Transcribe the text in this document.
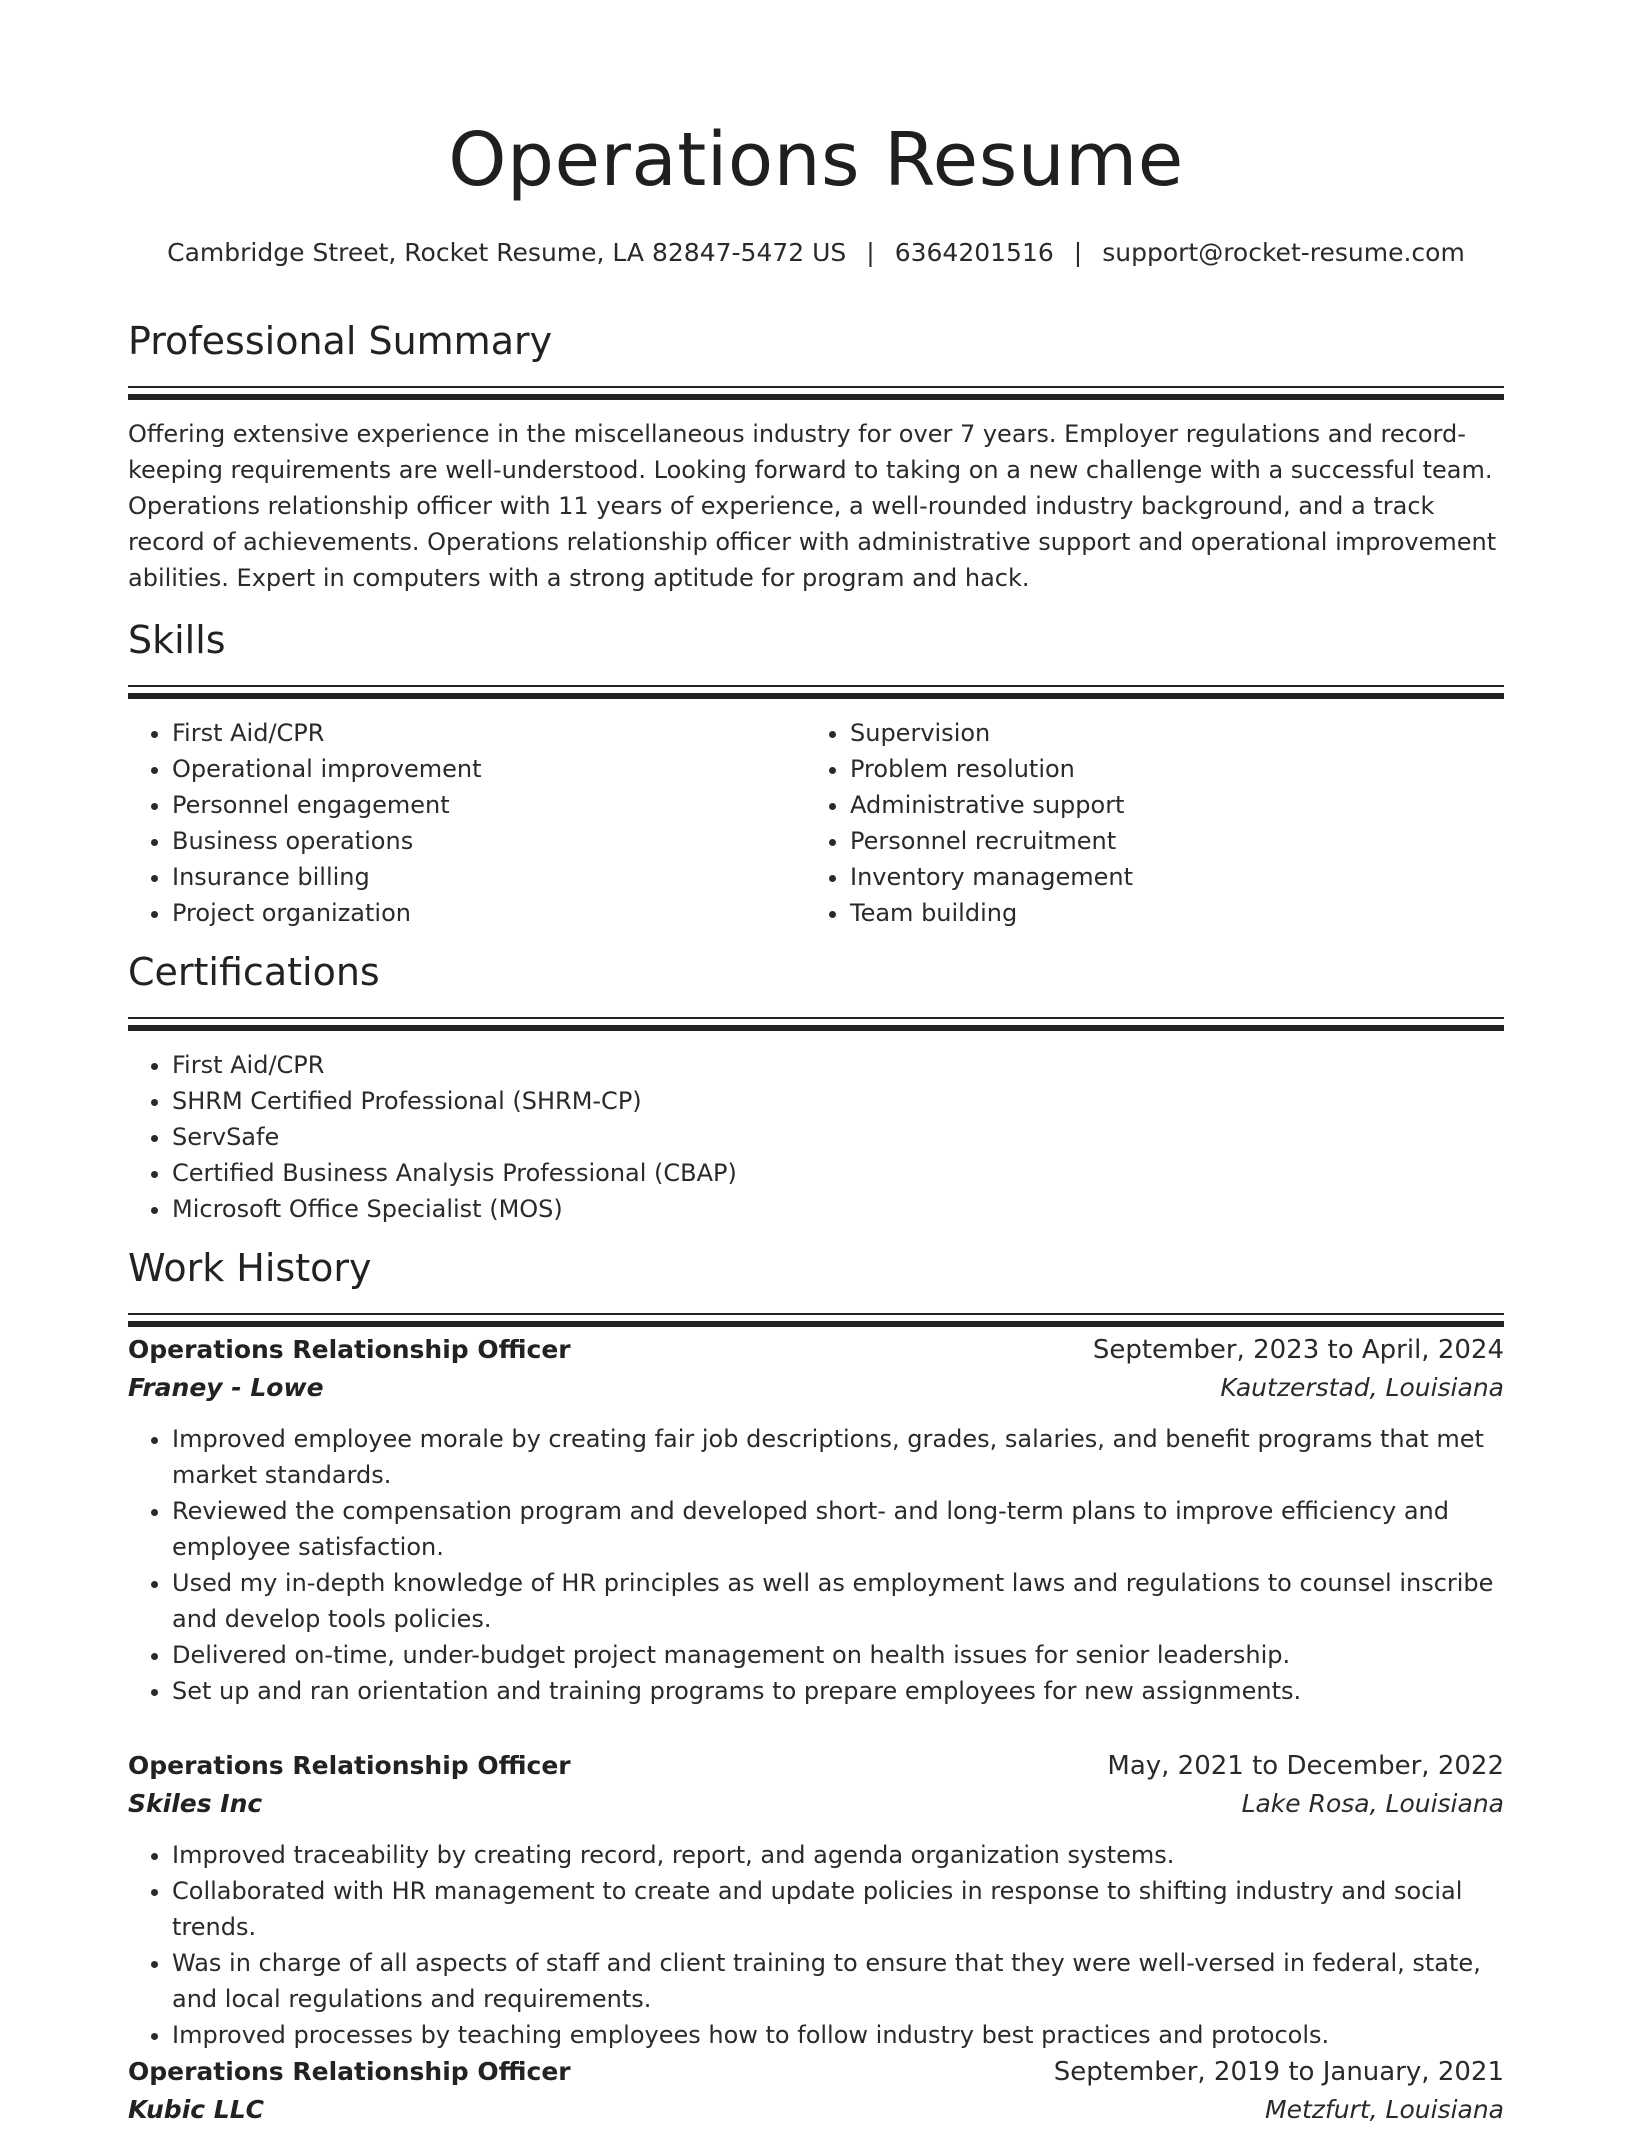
Operations Resume
Cambridge Street, Rocket Resume, LA 82847-5472 US | 6364201516 | support@rocket-resume.com
Professional Summary
Offering extensive experience in the miscellaneous industry for over 7 years. Employer regulations and record-keeping requirements are well-understood. Looking forward to taking on a new challenge with a successful team. Operations relationship officer with 11 years of experience, a well-rounded industry background, and a track record of achievements. Operations relationship officer with administrative support and operational improvement abilities. Expert in computers with a strong aptitude for program and hack.
Skills
• First Aid/CPR
• Operational improvement
• Personnel engagement
• Business operations
• Insurance billing
• Project organization
• Supervision
• Problem resolution
• Administrative support
• Personnel recruitment
• Inventory management
• Team building
Certifications
• First Aid/CPR
• SHRM Certified Professional (SHRM-CP)
• ServSafe
• Certified Business Analysis Professional (CBAP)
• Microsoft Office Specialist (MOS)
Work History
Operations Relationship Officer	September, 2023 to April, 2024
Franey - Lowe	Kautzerstad, Louisiana
• Improved employee morale by creating fair job descriptions, grades, salaries, and benefit programs that met market standards.
• Reviewed the compensation program and developed short- and long-term plans to improve efficiency and employee satisfaction.
• Used my in-depth knowledge of HR principles as well as employment laws and regulations to counsel inscribe and develop tools policies.
• Delivered on-time, under-budget project management on health issues for senior leadership.
• Set up and ran orientation and training programs to prepare employees for new assignments.
Operations Relationship Officer	May, 2021 to December, 2022
Skiles Inc	Lake Rosa, Louisiana
• Improved traceability by creating record, report, and agenda organization systems.
• Collaborated with HR management to create and update policies in response to shifting industry and social trends.
• Was in charge of all aspects of staff and client training to ensure that they were well-versed in federal, state, and local regulations and requirements.
• Improved processes by teaching employees how to follow industry best practices and protocols.
Operations Relationship Officer	September, 2019 to January, 2021
Kubic LLC	Metzfurt, Louisiana
